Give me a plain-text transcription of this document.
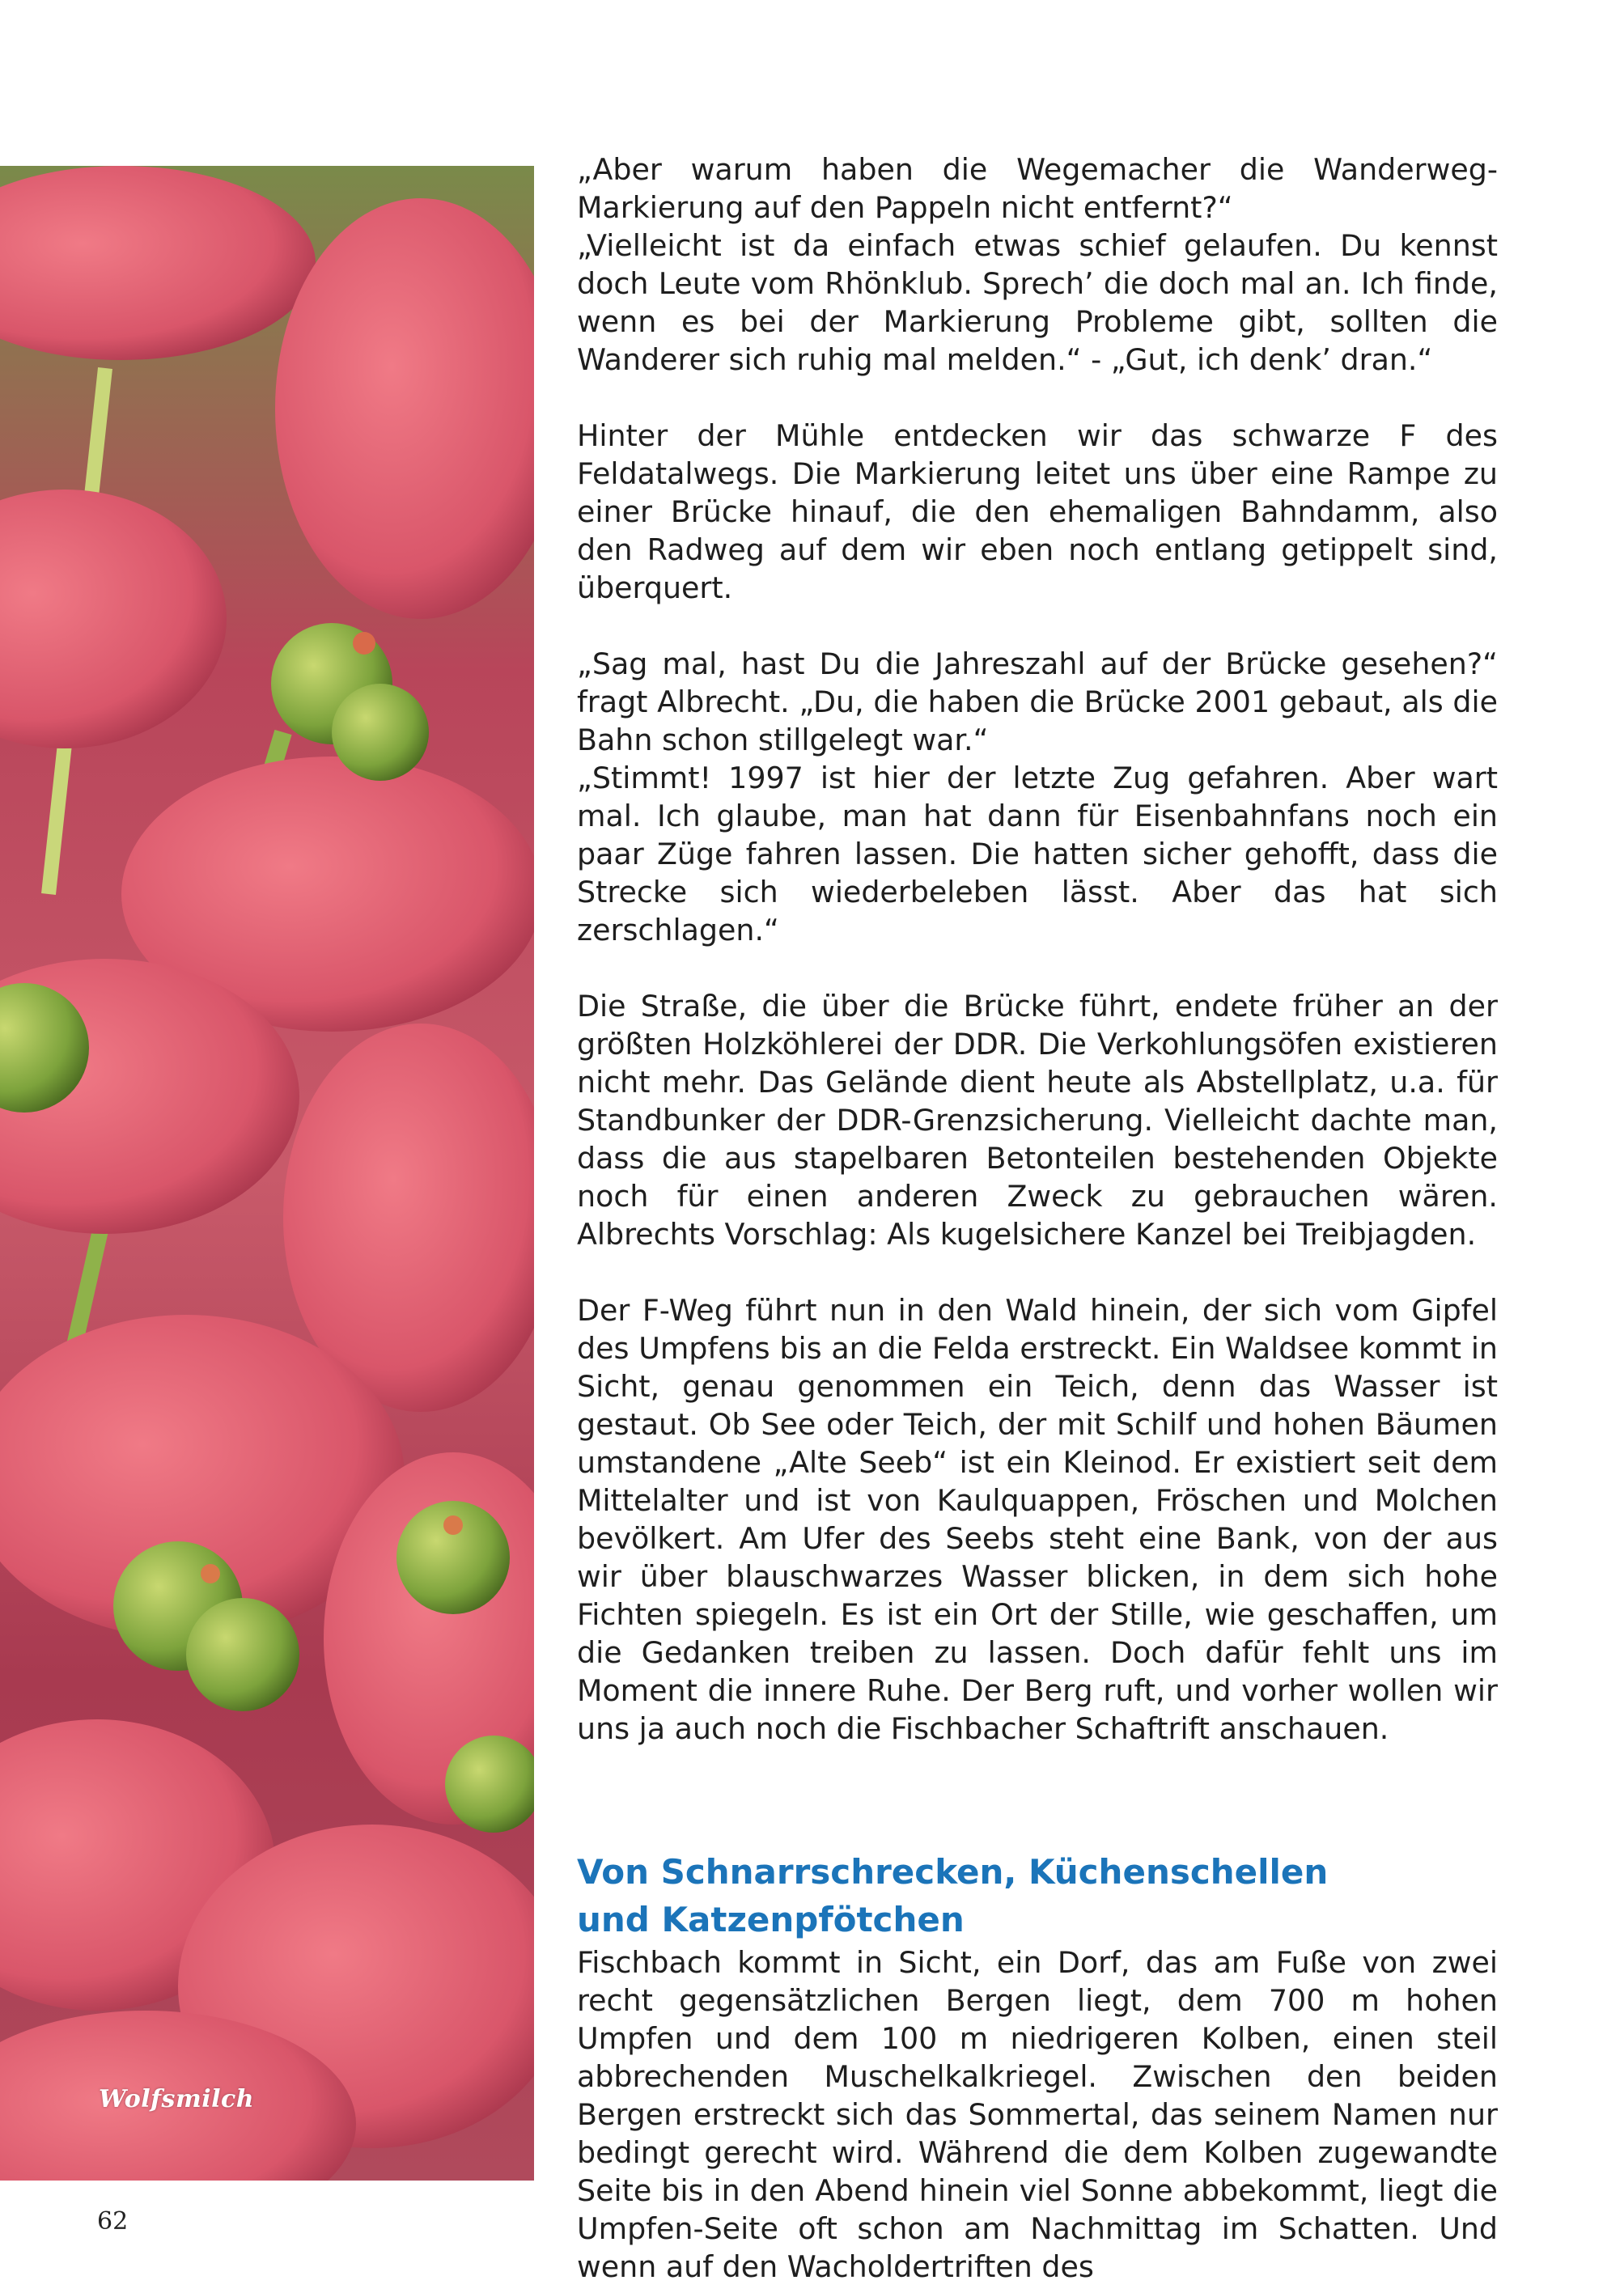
Wolfsmilch

„Aber warum haben die Wegemacher die Wanderweg-Markierung auf den Pappeln nicht entfernt?“

„Vielleicht ist da einfach etwas schief gelaufen. Du kennst doch Leute vom Rhönklub. Sprech’ die doch mal an. Ich finde, wenn es bei der Markierung Probleme gibt, sollten die Wanderer sich ruhig mal melden.“ - „Gut, ich denk’ dran.“

Hinter der Mühle entdecken wir das schwarze F des Feldatalwegs. Die Markierung leitet uns über eine Rampe zu einer Brücke hinauf, die den ehemaligen Bahndamm, also den Radweg auf dem wir eben noch entlang getippelt sind, überquert.

„Sag mal, hast Du die Jahreszahl auf der Brücke gesehen?“ fragt Albrecht. „Du, die haben die Brücke 2001 gebaut, als die Bahn schon stillgelegt war.“

„Stimmt! 1997 ist hier der letzte Zug gefahren. Aber wart mal. Ich glaube, man hat dann für Eisenbahnfans noch ein paar Züge fahren lassen. Die hatten sicher gehofft, dass die Strecke sich wiederbeleben lässt. Aber das hat sich zerschlagen.“

Die Straße, die über die Brücke führt, endete früher an der größten Holzköhlerei der DDR. Die Verkohlungsöfen existieren nicht mehr. Das Gelände dient heute als Abstellplatz, u.a. für Standbunker der DDR-Grenzsicherung. Vielleicht dachte man, dass die aus stapelbaren Betonteilen bestehenden Objekte noch für einen anderen Zweck zu gebrauchen wären. Albrechts Vorschlag: Als kugelsichere Kanzel bei Treibjagden.

Der F-Weg führt nun in den Wald hinein, der sich vom Gipfel des Umpfens bis an die Felda erstreckt. Ein Waldsee kommt in Sicht, genau genommen ein Teich, denn das Wasser ist gestaut. Ob See oder Teich, der mit Schilf und hohen Bäumen umstandene „Alte Seeb“ ist ein Kleinod. Er existiert seit dem Mittelalter und ist von Kaulquappen, Fröschen und Molchen bevölkert. Am Ufer des Seebs steht eine Bank, von der aus wir über blauschwarzes Wasser blicken, in dem sich hohe Fichten spiegeln. Es ist ein Ort der Stille, wie geschaffen, um die Gedanken treiben zu lassen. Doch dafür fehlt uns im Moment die innere Ruhe. Der Berg ruft, und vorher wollen wir uns ja auch noch die Fischbacher Schaftrift anschauen.

Von Schnarrschrecken, Küchenschellen
und Katzenpfötchen

Fischbach kommt in Sicht, ein Dorf, das am Fuße von zwei recht gegensätzlichen Bergen liegt, dem 700 m hohen Umpfen und dem 100 m niedrigeren Kolben, einen steil abbrechenden Muschelkalkriegel. Zwischen den beiden Bergen erstreckt sich das Sommertal, das seinem Namen nur bedingt gerecht wird. Während die dem Kolben zugewandte Seite bis in den Abend hinein viel Sonne abbekommt, liegt die Umpfen-Seite oft schon am Nachmittag im Schatten. Und wenn auf den Wacholdertriften des

62
